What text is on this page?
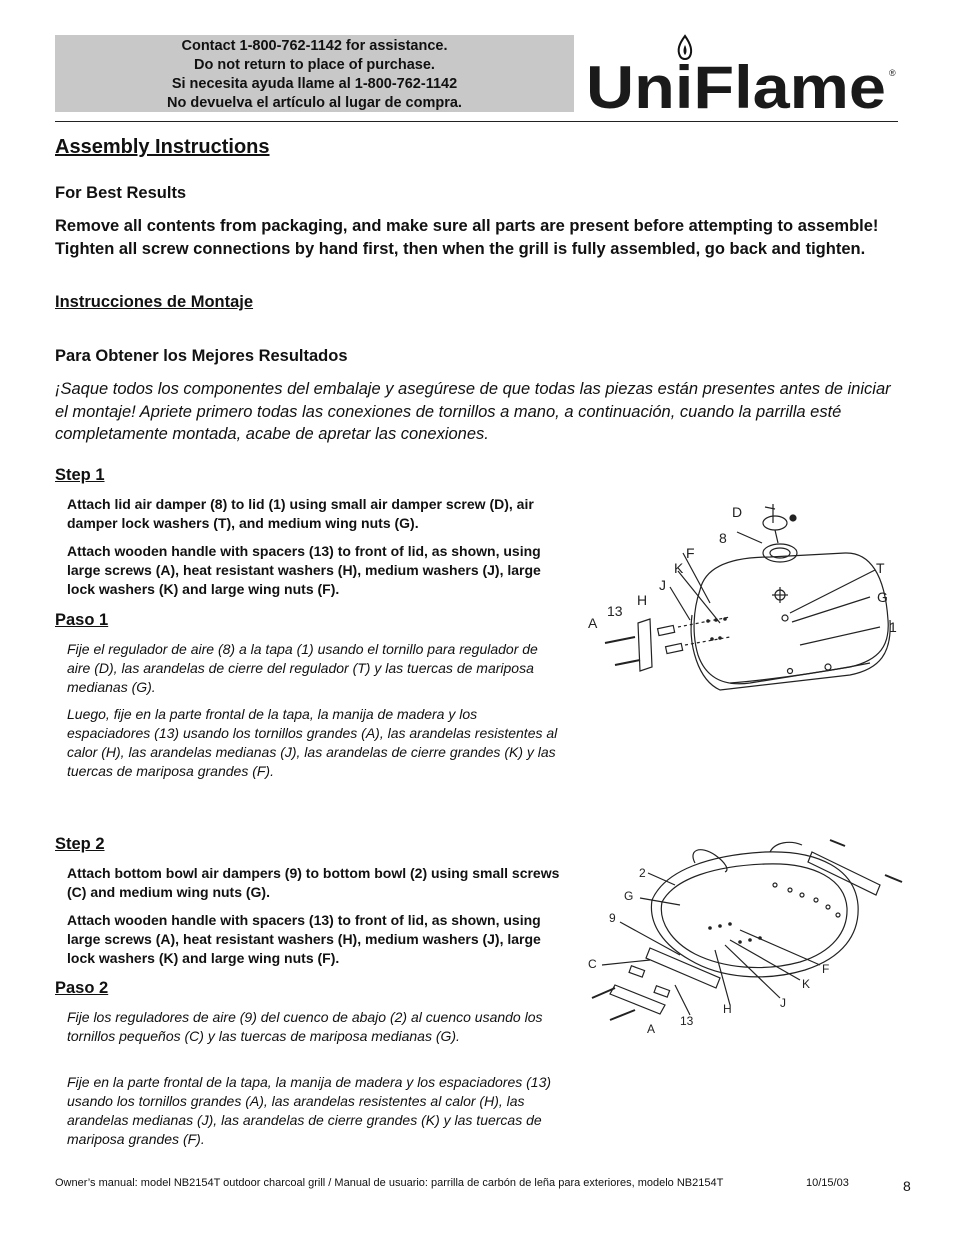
Contact 1-800-762-1142 for assistance.
Do not return to place of purchase.
Si necesita ayuda llame al 1-800-762-1142
No devuelva el artículo al lugar de compra.	UniFlame ®
Assembly Instructions
For Best Results
Remove all contents from packaging, and make sure all parts are present before attempting to assemble! Tighten all screw connections by hand first, then when the grill is fully assembled, go back and tighten.
Instrucciones de Montaje
Para Obtener los Mejores Resultados
¡Saque todos los componentes del embalaje y asegúrese de que todas las piezas están presentes antes de iniciar el montaje! Apriete primero todas las conexiones de tornillos a mano, a continuación, cuando la parrilla esté completamente montada, acabe de apretar las conexiones.
Step 1
Attach lid air damper (8) to lid (1) using small air damper screw (D), air damper lock washers (T), and medium wing nuts (G).
Attach wooden handle with spacers (13) to front of lid, as shown, using large screws (A), heat resistant washers (H), medium washers (J), large lock washers (K) and large wing nuts (F).
Paso 1
Fije el regulador de aire (8) a la tapa (1) usando el tornillo para regulador de aire (D), las arandelas de cierre del regulador (T) y las tuercas de mariposa medianas (G).
Luego, fije en la parte frontal de la tapa, la manija de madera y los espaciadores (13) usando los tornillos grandes (A), las arandelas resistentes al calor (H), las arandelas medianas (J), las arandelas de cierre grandes (K) y las tuercas de mariposa grandes (F).
D
8
F
K
J
H
13
A
T
G
1
Step 2
Attach bottom bowl air dampers (9) to bottom bowl (2) using small screws (C) and medium wing nuts (G).
Attach wooden handle with spacers (13) to front of lid, as shown, using large screws (A), heat resistant washers (H), medium washers (J), large lock washers (K) and large wing nuts (F).
Paso 2
Fije los reguladores de aire (9) del cuenco de abajo (2) al cuenco usando los tornillos pequeños (C) y las tuercas de mariposa medianas (G).
Fije en la parte frontal de la tapa, la manija de madera y los espaciadores (13) usando los tornillos grandes (A), las arandelas resistentes al calor (H), las arandelas medianas (J), las arandelas de cierre grandes (K) y las tuercas de mariposa grandes (F).
2
G
9
C
A
13
H	J
K
F
Owner’s manual: model NB2154T outdoor charcoal grill / Manual de usuario: parrilla de carbón de leña para exteriores, modelo NB2154T	10/15/03	8
